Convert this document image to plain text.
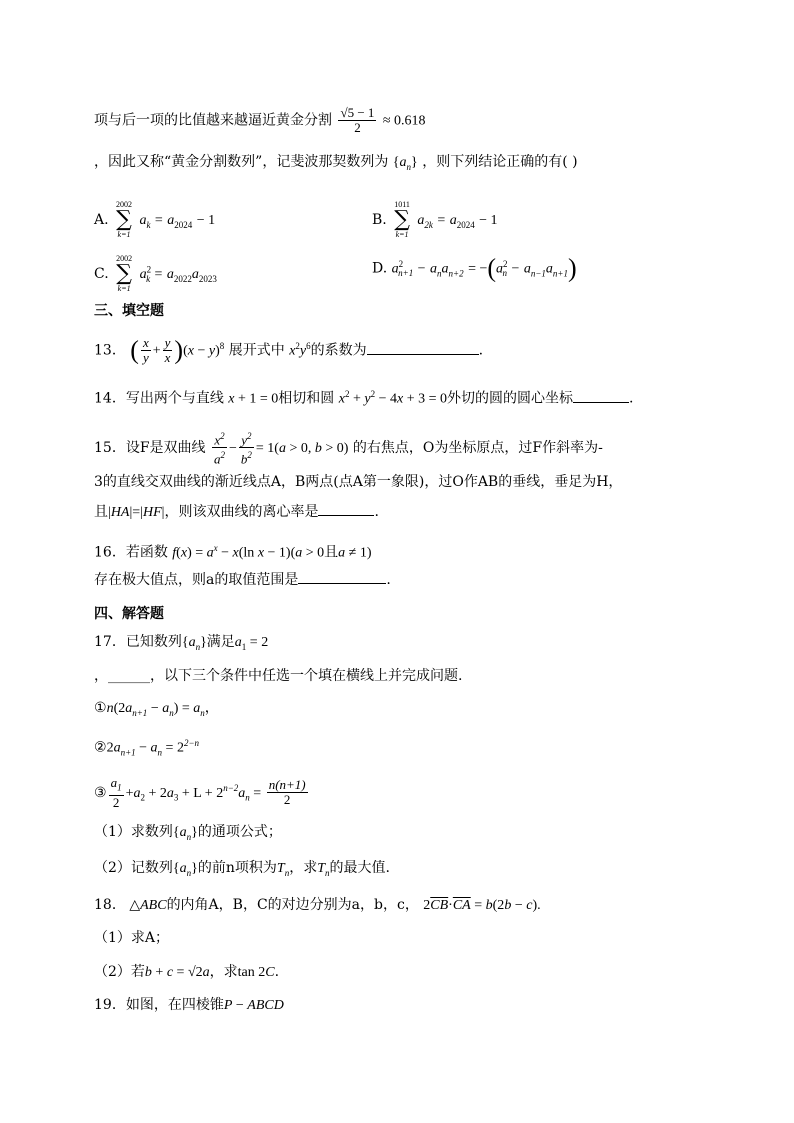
项与后一项的比值越来越逼近黄金分割 $\frac{√5 - 1}{2} \approx 0.618$
，因此又称“黄金分割数列”，记斐波那契数列为 $\{a_n\}$ ，则下列结论正确的有( )
A.
2002
∑
k=1
$a_k = a_{2024} - 1$	B.
1011
∑
k=1
$a_{2k} = a_{2024} - 1$
C.
2002
∑
k=1
$a^2_k = a_{2022}a_{2023}$
D. $a^2_{n+1} - a_na_{n+2} = -(a^2_n - a_{n-1}a_{n+1})$
三、填空题
13． ( $\frac{x}{y} + \frac{y}{x} )(x - y)^8$ 展开式中 $x^2y^6$的系数为	.
14．写出两个与直线 x + 1 = 0相切和圆 $x^2 + y^2 - 4x + 3 = 0$外切的圆的圆心坐标	.
15．设F是双曲线 $\frac{x^2}{a^2} - \frac{y^2}{b^2} = 1(a > 0$, b > 0) 的右焦点，O为坐标原点，过F作斜率为-
3的直线交双曲线的渐近线点A，B两点(点A第一象限)，过O作AB的垂线，垂足为H，
且|HA|=|HF|，则该双曲线的离心率是	.
16．若函数 $f(x) = a^x - x(\ln$ x − 1)(a > 0且a ≠ 1)
存在极大值点，则a的取值范围是	.
四、解答题
17．已知数列$\{a_n\}$满足$a_1 = 2$
，______，以下三个条件中任选一个填在横线上并完成问题.
$①n(2a_{n+1} - a_n) = a_n$，
$②2a_{n+1} - a_n = 2^{2-n}$
③ $\frac{a_1}{2} +a_2 + 2a_3 + L + 2^{n-2}a_n = \frac{n(n+1)}{2}$
（1）求数列$\{a_n\}$的通项公式；
（2）记数列$\{a_n\}$的前n项积为$T_n$，求$T_n$的最大值.
18． △ABC的内角A，B，C的对边分别为a，b，c， $2\overline{CB}\cdot\overline{CA} = b(2b - c)$.
（1）求A；
（2）若b + c = √2a，求tan 2C.
19．如图，在四棱锥P − ABCD
